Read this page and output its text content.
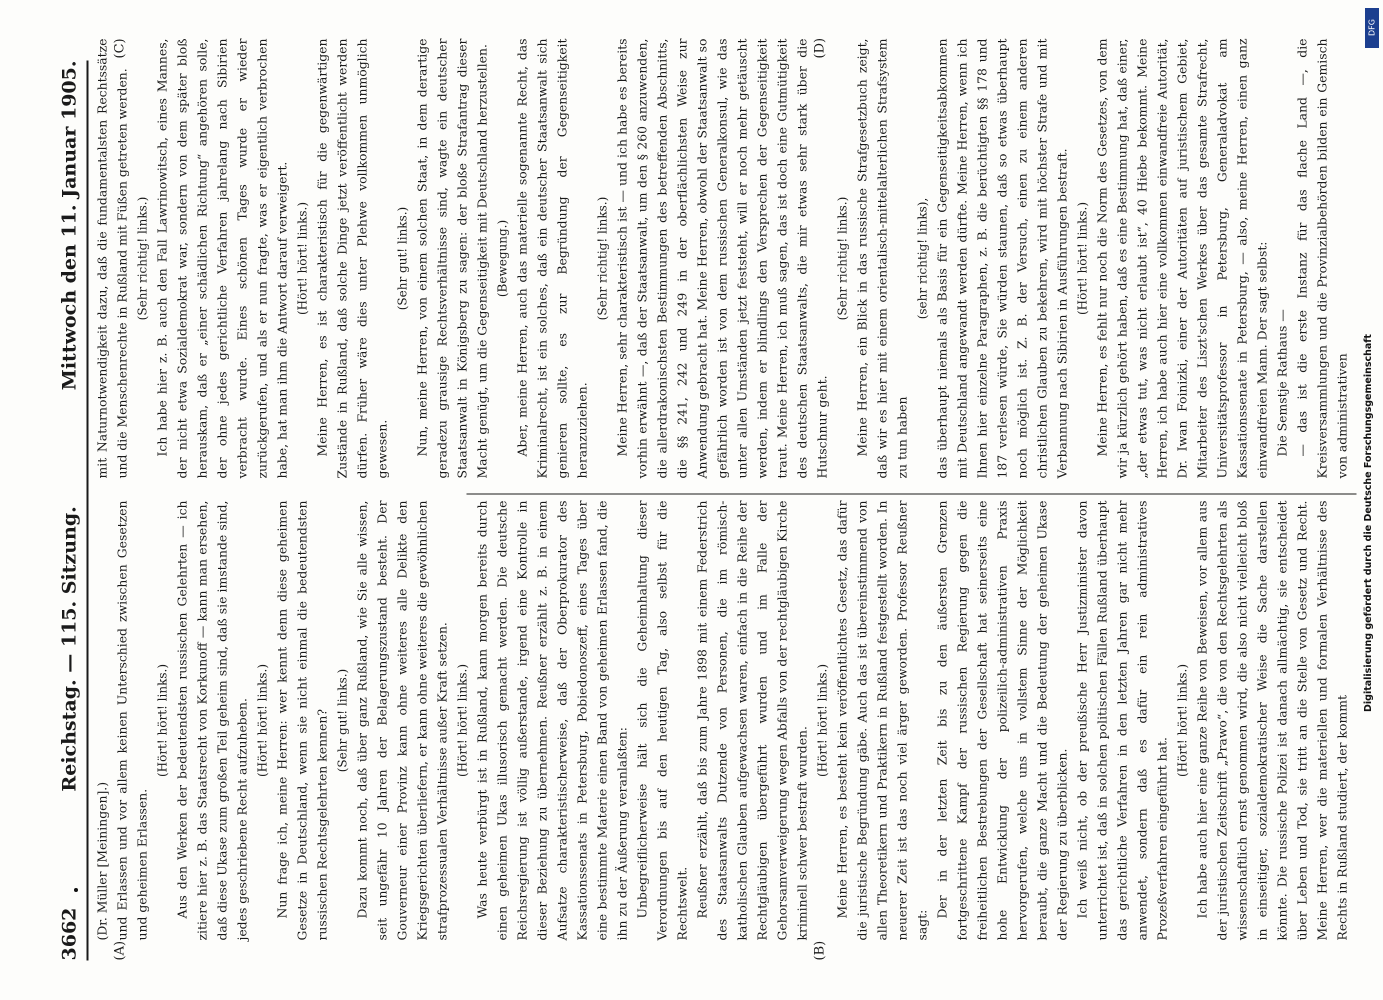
3662
Reichstag. — 115. Sitzung.
Mittwoch den 11. Januar 1905.
(A)	(B)
(C)	(D)

(Dr. Müller [Meiningen].) und Erlassen und vor allem keinen Unterschied zwischen Gesetzen und geheimen Erlassen.

(Hört! hört! links.) Aus den Werken der bedeutendsten russischen Gelehrten — ich zitiere hier z. B. das Staatsrecht von Korkunoff — kann man ersehen, daß diese Ukase zum großen Teil geheim sind, daß sie imstande sind, jedes geschriebene Recht aufzuheben. (Hört! hört! links.) Nun frage ich, meine Herren: wer kennt denn diese geheimen Gesetze in Deutschland, wenn sie nicht einmal die bedeutendsten russischen Rechtsgelehrten kennen? (Sehr gut! links.) Dazu kommt noch, daß über ganz Rußland, wie Sie alle wissen, seit ungefähr 10 Jahren der Belagerungszustand besteht. Der Gouverneur einer Provinz kann ohne weiteres alle Delikte den Kriegsgerichten überliefern, er kann ohne weiteres die gewöhnlichen strafprozessualen Verhältnisse außer Kraft setzen. (Hört! hört! links.) Was heute verbürgt ist in Rußland, kann morgen bereits durch einen geheimen Ukas illusorisch gemacht werden. Die deutsche Reichsregierung ist völlig außerstande, irgend eine Kontrolle in dieser Beziehung zu übernehmen. Reußner erzählt z. B. in einem Aufsatze charakteristischerweise, daß der Oberprokurator des Kassationssenats in Petersburg, Pobiedonoszeff, eines Tages über eine bestimmte Materie einen Band von geheimen Erlassen fand, die ihn zu der Äußerung veranlaßten: Unbegreiflicherweise hält sich die Geheimhaltung dieser Verordnungen bis auf den heutigen Tag, also selbst für die Rechtswelt. Reußner erzählt, daß bis zum Jahre 1898 mit einem Federstrich des Staatsanwalts Dutzende von Personen, die im römisch-katholischen Glauben aufgewachsen waren, einfach in die Reihe der Rechtgläubigen übergeführt wurden und im Falle der Gehorsamverweigerung wegen Abfalls von der rechtgläubigen Kirche kriminell schwer bestraft wurden.

(Hört! hört! links.) Meine Herren, es besteht kein veröffentlichtes Gesetz, das dafür die juristische Begründung gäbe. Auch das ist übereinstimmend von allen Theoretikern und Praktikern in Rußland festgestellt worden. In neuerer Zeit ist das noch viel ärger geworden. Professor Reußner sagt:

Der in der letzten Zeit bis zu den äußersten Grenzen fortgeschrittene Kampf der russischen Regierung gegen die freiheitlichen Bestrebungen der Gesellschaft hat seinerseits eine hohe Entwicklung der polizeilich-administrativen Praxis hervorgerufen, welche uns in vollstem Sinne der Möglichkeit beraubt, die ganze Macht und die Bedeutung der geheimen Ukase der Regierung zu überblicken. Ich weiß nicht, ob der preußische Herr Justizminister davon unterrichtet ist, daß in solchen politischen Fällen Rußland überhaupt das gerichtliche Verfahren in den letzten Jahren gar nicht mehr anwendet, sondern daß es dafür ein rein administratives Prozeßverfahren eingeführt hat.

(Hört! hört! links.) Ich habe auch hier eine ganze Reihe von Beweisen, vor allem aus der juristischen Zeitschrift „Prawo“, die von den Rechtsgelehrten als wissenschaftlich ernst genommen wird, die also nicht vielleicht bloß in einseitiger, sozialdemokratischer Weise die Sache darstellen könnte. Die russische Polizei ist danach allmächtig, sie entscheidet über Leben und Tod, sie tritt an die Stelle von Gesetz und Recht. Meine Herren, wer die materiellen und formalen Verhältnisse des Rechts in Rußland studiert, der kommt

mit Naturnotwendigkeit dazu, daß die fundamentalsten Rechtssätze und die Menschenrechte in Rußland mit Füßen getreten werden. (Sehr richtig! links.) Ich habe hier z. B. auch den Fall Lawrinowitsch, eines Mannes, der nicht etwa Sozialdemokrat war, sondern von dem später bloß herauskam, daß er „einer schädlichen Richtung“ angehören solle, der ohne jedes gerichtliche Verfahren jahrelang nach Sibirien verbracht wurde. Eines schönen Tages wurde er wieder zurückgerufen, und als er nun fragte, was er eigentlich verbrochen habe, hat man ihm die Antwort darauf verweigert. (Hört! hört! links.) Meine Herren, es ist charakteristisch für die gegenwärtigen Zustände in Rußland, daß solche Dinge jetzt veröffentlicht werden dürfen. Früher wäre dies unter Plehwe vollkommen unmöglich gewesen.

(Sehr gut! links.) Nun, meine Herren, von einem solchen Staat, in dem derartige geradezu grausige Rechtsverhältnisse sind, wagte ein deutscher Staatsanwalt in Königsberg zu sagen: der bloße Strafantrag dieser Macht genügt, um die Gegenseitigkeit mit Deutschland herzustellen. (Bewegung.) Aber, meine Herren, auch das materielle sogenannte Recht, das Kriminalrecht, ist ein solches, daß ein deutscher Staatsanwalt sich genieren sollte, es zur Begründung der Gegenseitigkeit heranzuziehen.

(Sehr richtig! links.) Meine Herren, sehr charakteristisch ist — und ich habe es bereits vorhin erwähnt —, daß der Staatsanwalt, um den § 260 anzuwenden, die allerdrakonischsten Bestimmungen des betreffenden Abschnitts, die §§ 241, 242 und 249 in der oberflächlichsten Weise zur Anwendung gebracht hat. Meine Herren, obwohl der Staatsanwalt so gefährlich worden ist von dem russischen Generalkonsul, wie das unter allen Umständen jetzt feststeht, will er noch mehr getäuscht werden, indem er blindlings den Versprechen der Gegenseitigkeit traut. Meine Herren, ich muß sagen, das ist doch eine Gutmütigkeit des deutschen Staatsanwalts, die mir etwas sehr stark über die Hutschnur geht.

(Sehr richtig! links.) Meine Herren, ein Blick in das russische Strafgesetzbuch zeigt, daß wir es hier mit einem orientalisch-mittelalterlichen Strafsystem zu tun haben

(sehr richtig! links), das überhaupt niemals als Basis für ein Gegenseitigkeitsabkommen mit Deutschland angewandt werden dürfte. Meine Herren, wenn ich Ihnen hier einzelne Paragraphen, z. B. die berüchtigten §§ 178 und 187 verlesen würde, Sie würden staunen, daß so etwas überhaupt noch möglich ist. Z. B. der Versuch, einen zu einem anderen christlichen Glauben zu bekehren, wird mit höchster Strafe und mit Verbannung nach Sibirien in Ausführungen bestraft. (Hört! hört! links.) Meine Herren, es fehlt nur noch die Norm des Gesetzes, von dem wir ja kürzlich gehört haben, daß es eine Bestimmung hat, daß einer, „der etwas tut, was nicht erlaubt ist“, 40 Hiebe bekommt. Meine Herren, ich habe auch hier eine vollkommen einwandfreie Autorität, Dr. Iwan Foinizki, einer der Autoritäten auf juristischem Gebiet, Mitarbeiter des Liszt'schen Werkes über das gesamte Strafrecht, Universitätsprofessor in Petersburg, Generaladvokat am Kassationssenate in Petersburg, — also, meine Herren, einen ganz einwandfreien Mann. Der sagt selbst: Die Semstje Rathaus — — das ist die erste Instanz für das flache Land —, die Kreisversammlungen und die Provinzialbehörden bilden ein Gemisch von administrativen

DFG
Digitalisierung gefördert durch die Deutsche Forschungsgemeinschaft
